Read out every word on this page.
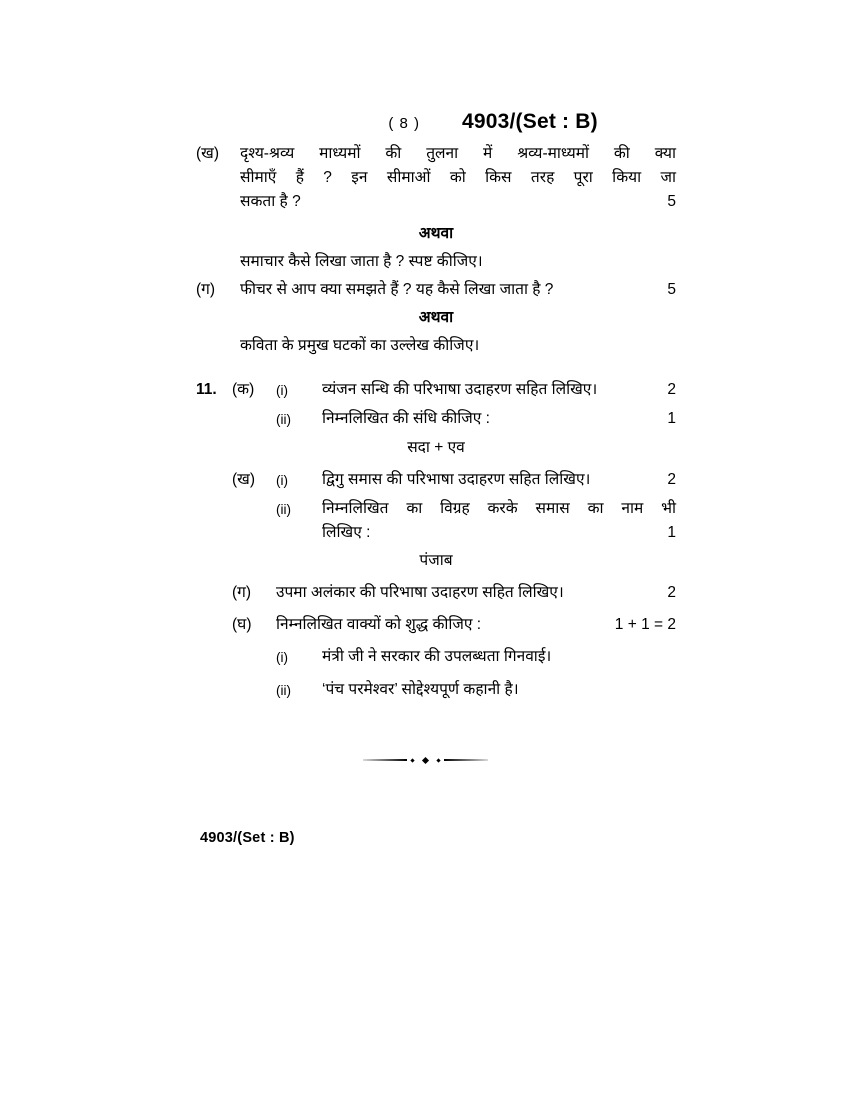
( 8 ) 4903/(Set : B)
(ख)	दृश्य-श्रव्य माध्यमों की तुलना में श्रव्य-माध्यमों की क्या
सीमाएँ हैं ? इन सीमाओं को किस तरह पूरा किया जा
सकता है ?	5
अथवा
समाचार कैसे लिखा जाता है ? स्पष्ट कीजिए।
(ग)	फीचर से आप क्या समझते हैं ? यह कैसे लिखा जाता है ?	5
अथवा
कविता के प्रमुख घटकों का उल्लेख कीजिए।
11. (क)	(i)	व्यंजन सन्धि की परिभाषा उदाहरण सहित लिखिए।	2
(ii)	निम्नलिखित की संधि कीजिए :	1
सदा + एव
(ख)	(i)	द्विगु समास की परिभाषा उदाहरण सहित लिखिए।	2
(ii)	निम्नलिखित का विग्रह करके समास का नाम भी
लिखिए :	1
पंजाब
(ग)	उपमा अलंकार की परिभाषा उदाहरण सहित लिखिए।	2
(घ)	निम्नलिखित वाक्यों को शुद्ध कीजिए :	1 + 1 = 2
(i)	मंत्री जी ने सरकार की उपलब्धता गिनवाई।
(ii)	‘पंच परमेश्वर’ सोद्देश्यपूर्ण कहानी है।
4903/(Set : B)
